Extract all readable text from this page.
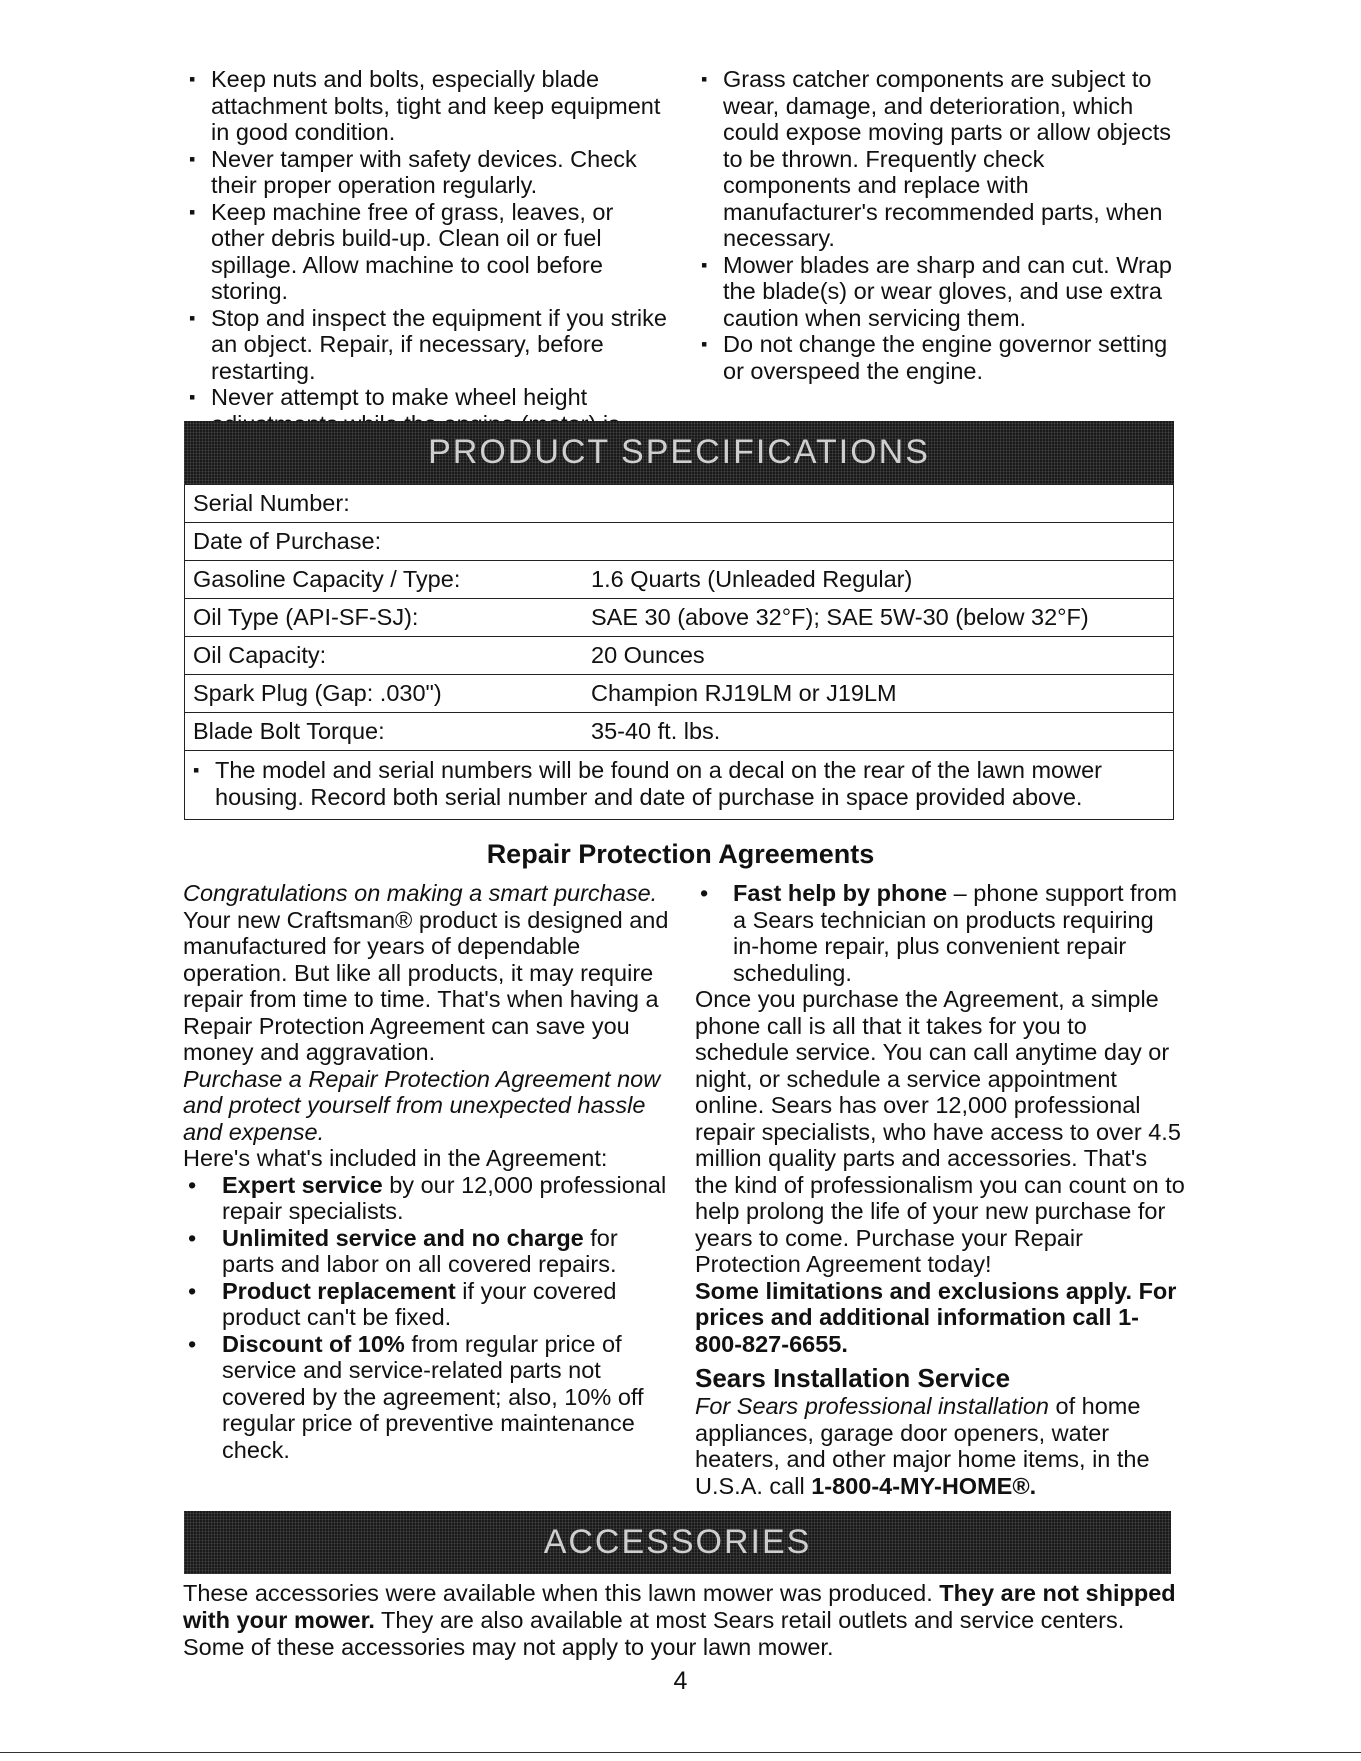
▪ Keep nuts and bolts, especially blade attachment bolts, tight and keep equipment in good condition.
▪ Never tamper with safety devices. Check their proper operation regularly.
▪ Keep machine free of grass, leaves, or other debris build-up. Clean oil or fuel spillage. Allow machine to cool before storing.
▪ Stop and inspect the equipment if you strike an object. Repair, if necessary, before restarting.
▪ Never attempt to make wheel height
▪ Grass catcher components are subject to wear, damage, and deterioration, which could expose moving parts or allow objects to be thrown. Frequently check components and replace with manufacturer's recommended parts, when necessary.
▪ Mower blades are sharp and can cut. Wrap the blade(s) or wear gloves, and use extra caution when servicing them.
▪ Do not change the engine governor setting or overspeed the engine.
PRODUCT SPECIFICATIONS
Serial Number:	
Date of Purchase:	
Gasoline Capacity / Type:	1.6 Quarts (Unleaded Regular)
Oil Type (API-SF-SJ):	SAE 30 (above 32°F); SAE 5W-30 (below 32°F)
Oil Capacity:	20 Ounces
Spark Plug (Gap: .030")	Champion RJ19LM or J19LM
Blade Bolt Torque:	35-40 ft. lbs.

▪ The model and serial numbers will be found on a decal on the rear of the lawn mower
housing. Record both serial number and date of purchase in space provided above.
Repair Protection Agreements

Congratulations on making a smart purchase. Your new Craftsman® product is designed and manufactured for years of dependable operation. But like all products, it may require repair from time to time. That's when having a Repair Protection Agreement can save you money and aggravation.

Purchase a Repair Protection Agreement now and protect yourself from unexpected hassle and expense.

Here's what's included in the Agreement:

• Expert service by our 12,000 professional repair specialists.
• Unlimited service and no charge for parts and labor on all covered repairs.
• Product replacement if your covered product can't be fixed.
• Discount of 10% from regular price of service and service-related parts not covered by the agreement; also, 10% off regular price of preventive maintenance check.
• Fast help by phone – phone support from a Sears technician on products requiring in-home repair, plus convenient repair scheduling.

Once you purchase the Agreement, a simple phone call is all that it takes for you to schedule service. You can call anytime day or night, or schedule a service appointment online. Sears has over 12,000 professional repair specialists, who have access to over 4.5 million quality parts and accessories. That's the kind of professionalism you can count on to help prolong the life of your new purchase for years to come. Purchase your Repair Protection Agreement today!

Some limitations and exclusions apply. For prices and additional information call 1-800-827-6655.

Sears Installation Service

For Sears professional installation of home appliances, garage door openers, water heaters, and other major home items, in the U.S.A. call 1-800-4-MY-HOME®.

ACCESSORIES

These accessories were available when this lawn mower was produced. They are not shipped with your mower. They are also available at most Sears retail outlets and service centers. Some of these accessories may not apply to your lawn mower.

4
